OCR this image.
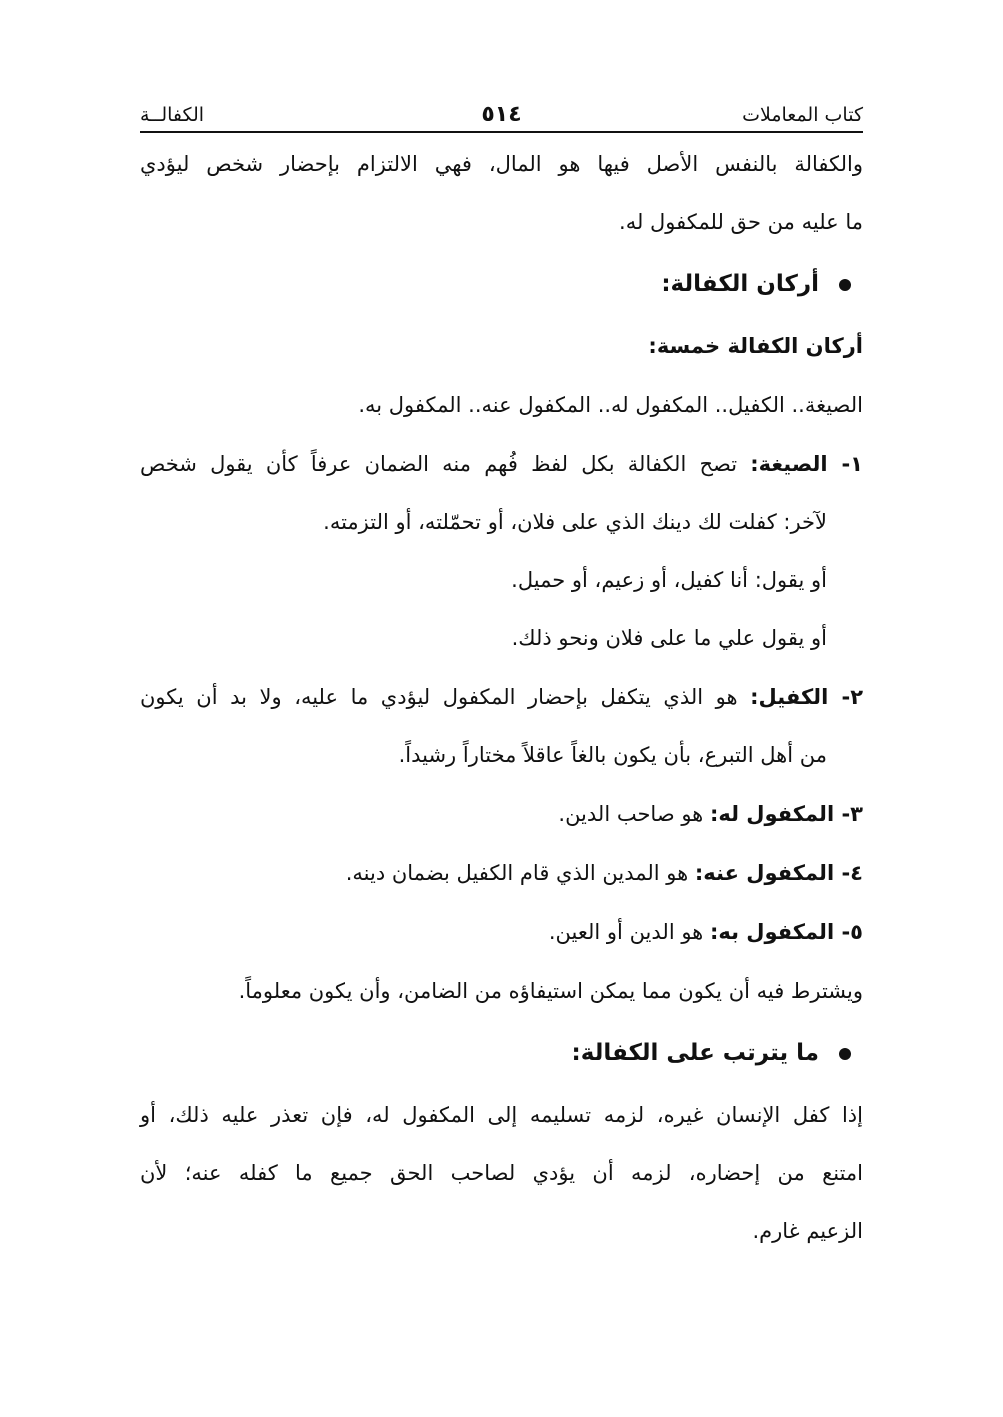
كتاب المعاملات
٥١٤
الكفالــة
والكفالة بالنفس الأصل فيها هو المال، فهي الالتزام بإحضار شخص ليؤدي
ما عليه من حق للمكفول له.
أركان الكفالة:
أركان الكفالة خمسة:
الصيغة.. الكفيل.. المكفول له.. المكفول عنه.. المكفول به.
١- الصيغة: تصح الكفالة بكل لفظ فُهم منه الضمان عرفاً كأن يقول شخص
لآخر: كفلت لك دينك الذي على فلان، أو تحمّلته، أو التزمته.
أو يقول: أنا كفيل، أو زعيم، أو حميل.
أو يقول علي ما على فلان ونحو ذلك.
٢- الكفيل: هو الذي يتكفل بإحضار المكفول ليؤدي ما عليه، ولا بد أن يكون
من أهل التبرع، بأن يكون بالغاً عاقلاً مختاراً رشيداً.
٣- المكفول له: هو صاحب الدين.
٤- المكفول عنه: هو المدين الذي قام الكفيل بضمان دينه.
٥- المكفول به: هو الدين أو العين.
ويشترط فيه أن يكون مما يمكن استيفاؤه من الضامن، وأن يكون معلوماً.
ما يترتب على الكفالة:
إذا كفل الإنسان غيره، لزمه تسليمه إلى المكفول له، فإن تعذر عليه ذلك، أو
امتنع من إحضاره، لزمه أن يؤدي لصاحب الحق جميع ما كفله عنه؛ لأن
الزعيم غارم.
